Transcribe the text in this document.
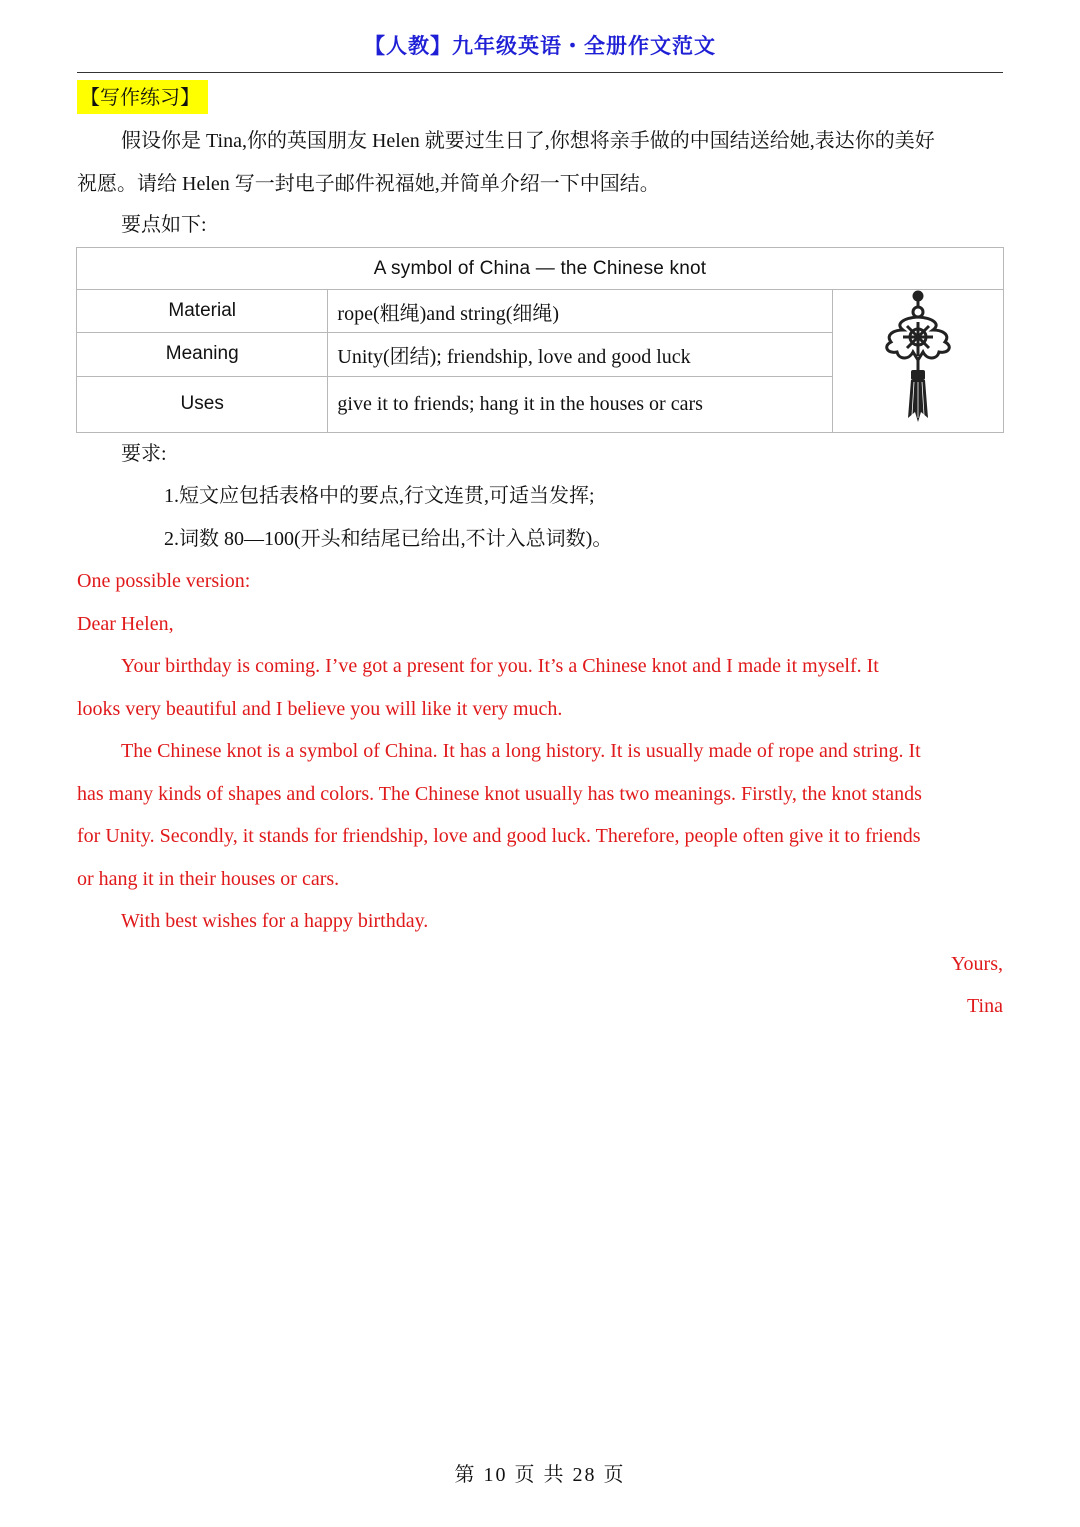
【人教】九年级英语・全册作文范文
【写作练习】

假设你是 Tina,你的英国朋友 Helen 就要过生日了,你想将亲手做的中国结送给她,表达你的美好

祝愿。请给 Helen 写一封电子邮件祝福她,并简单介绍一下中国结。

要点如下:
A symbol of China — the Chinese knot		
Material	rope(粗绳)and string(细绳)	
Meaning	Unity(团结); friendship, love and good luck	
Uses	give it to friends; hang it in the houses or cars	
要求:
1.短文应包括表格中的要点,行文连贯,可适当发挥;
2.词数 80—100(开头和结尾已给出,不计入总词数)。
One possible version:
Dear Helen,
Your birthday is coming. I’ve got a present for you. It’s a Chinese knot and I made it myself. It
looks very beautiful and I believe you will like it very much.
The Chinese knot is a symbol of China. It has a long history. It is usually made of rope and string. It
has many kinds of shapes and colors. The Chinese knot usually has two meanings. Firstly, the knot stands
for Unity. Secondly, it stands for friendship, love and good luck. Therefore, people often give it to friends
or hang it in their houses or cars.
With best wishes for a happy birthday.
Yours,
Tina
第 10 页 共 28 页
